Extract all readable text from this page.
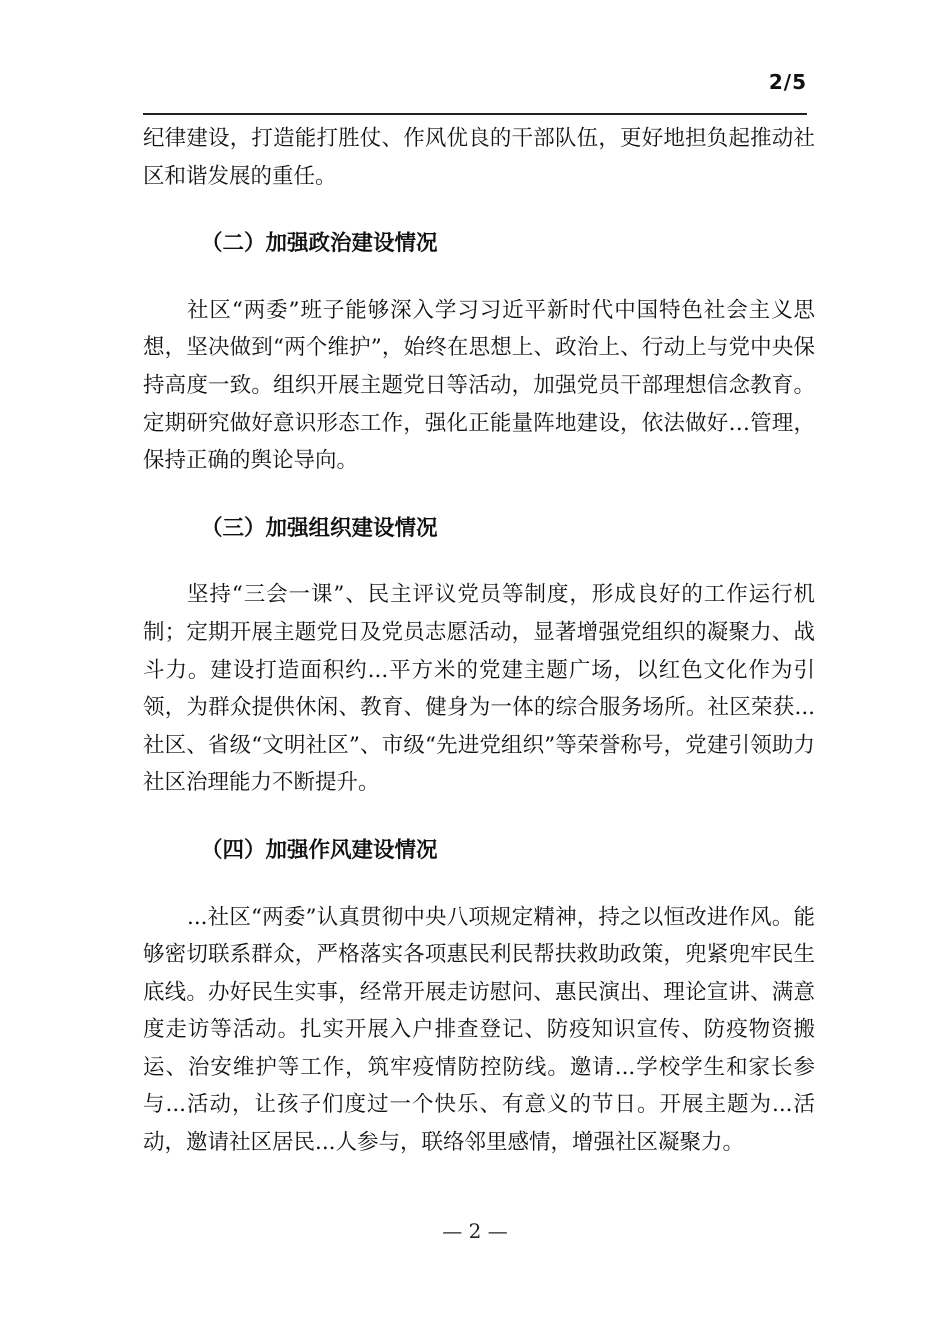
2/5

纪律建设，打造能打胜仗、作风优良的干部队伍，更好地担负起推动社区和谐发展的重任。

（二）加强政治建设情况

社区“两委”班子能够深入学习习近平新时代中国特色社会主义思想，坚决做到“两个维护”，始终在思想上、政治上、行动上与党中央保持高度一致。组织开展主题党日等活动，加强党员干部理想信念教育。定期研究做好意识形态工作，强化正能量阵地建设，依法做好…管理，保持正确的舆论导向。

（三）加强组织建设情况

坚持“三会一课”、民主评议党员等制度，形成良好的工作运行机制；定期开展主题党日及党员志愿活动，显著增强党组织的凝聚力、战斗力。建设打造面积约...平方米的党建主题广场，以红色文化作为引领，为群众提供休闲、教育、健身为一体的综合服务场所。社区荣获...社区、省级“文明社区”、市级“先进党组织”等荣誉称号，党建引领助力社区治理能力不断提升。

（四）加强作风建设情况

...社区“两委”认真贯彻中央八项规定精神，持之以恒改进作风。能够密切联系群众，严格落实各项惠民利民帮扶救助政策，兜紧兜牢民生底线。办好民生实事，经常开展走访慰问、惠民演出、理论宣讲、满意度走访等活动。扎实开展入户排查登记、防疫知识宣传、防疫物资搬运、治安维护等工作，筑牢疫情防控防线。邀请...学校学生和家长参与...活动，让孩子们度过一个快乐、有意义的节日。开展主题为...活动，邀请社区居民...人参与，联络邻里感情，增强社区凝聚力。

— 2 —
